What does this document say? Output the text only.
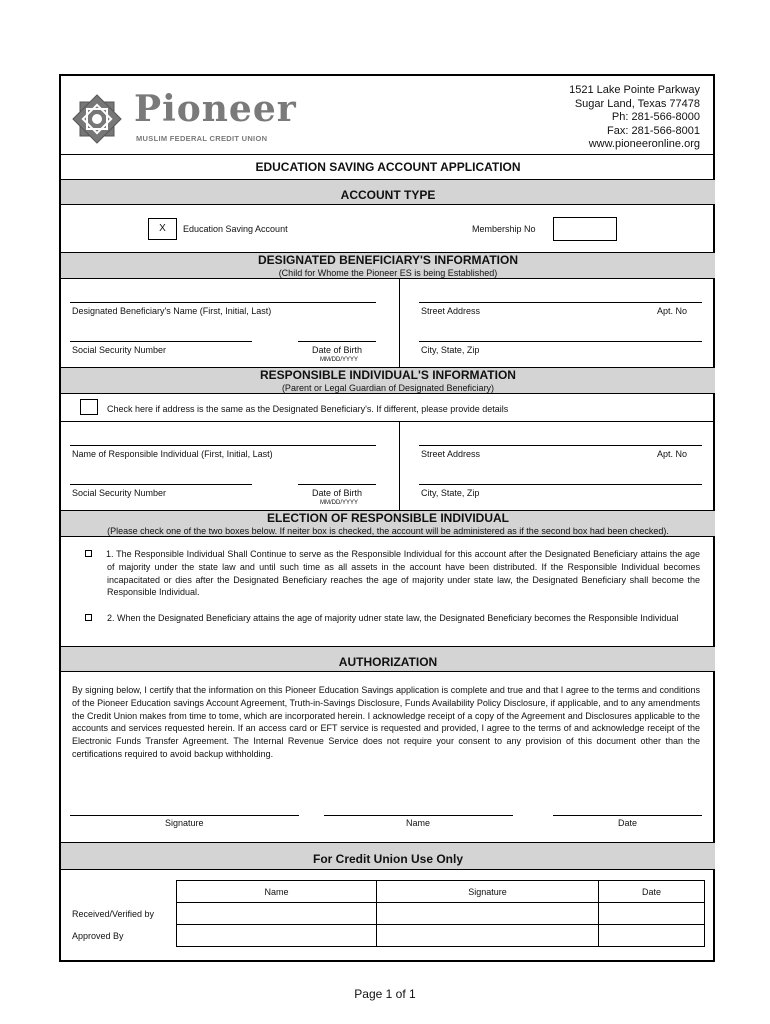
Pioneer
MUSLIM FEDERAL CREDIT UNION
1521 Lake Pointe Parkway
Sugar Land, Texas 77478
Ph: 281-566-8000
Fax: 281-566-8001
www.pioneeronline.org
EDUCATION SAVING ACCOUNT APPLICATION
ACCOUNT TYPE
X	Education Saving Account	Membership No
DESIGNATED BENEFICIARY'S INFORMATION
(Child for Whome the Pioneer ES is being Established)
Designated Beneficiary's Name (First, Initial, Last)	Street Address	Apt. No
Social Security Number	Date of Birth
MM/DD/YYYY
City, State, Zip
RESPONSIBLE INDIVIDUAL'S INFORMATION
(Parent or Legal Guardian of Designated Beneficiary)
Check here if address is the same as the Designated Beneficiary's. If different, please provide details
Name of Responsible Individual (First, Initial, Last)	Street Address	Apt. No
Social Security Number	Date of Birth
MM/DD/YYYY
City, State, Zip
ELECTION OF RESPONSIBLE INDIVIDUAL
(Please check one of the two boxes below. If neiter box is checked, the account will be administered as if the second box had been checked).
1. The Responsible Individual Shall Continue to serve as the Responsible Individual for this account after the Designated Beneficiary attains the age of majority under the state law and until such time as all assets in the account have been distributed. If the Responsible Individual becomes incapacitated or dies after the Designated Beneficiary reaches the age of majority under state law, the Designated Beneficiary shall become the Responsible Individual.
2. When the Designated Beneficiary attains the age of majority udner state law, the Designated Beneficiary becomes the Responsible Individual
AUTHORIZATION
By signing below, I certify that the information on this Pioneer Education Savings application is complete and true and that I agree to the terms and conditions of the Pioneer Education savings Account Agreement, Truth-in-Savings Disclosure, Funds Availability Policy Disclosure, if applicable, and to any amendments the Credit Union makes from time to tome, which are incorporated herein. I acknowledge receipt of a copy of the Agreement and Disclosures applicable to the accounts and services requested herein. If an access card or EFT service is requested and provided, I agree to the terms of and acknowledge receipt of the Electronic Funds Transfer Agreement. The Internal Revenue Service does not require your consent to any provision of this document other than the certifications required to avoid backup withholding.
Signature	Name	Date
For Credit Union Use Only
	Name	Signature	Date
Received/Verified by			
Approved By			
Page 1 of 1
